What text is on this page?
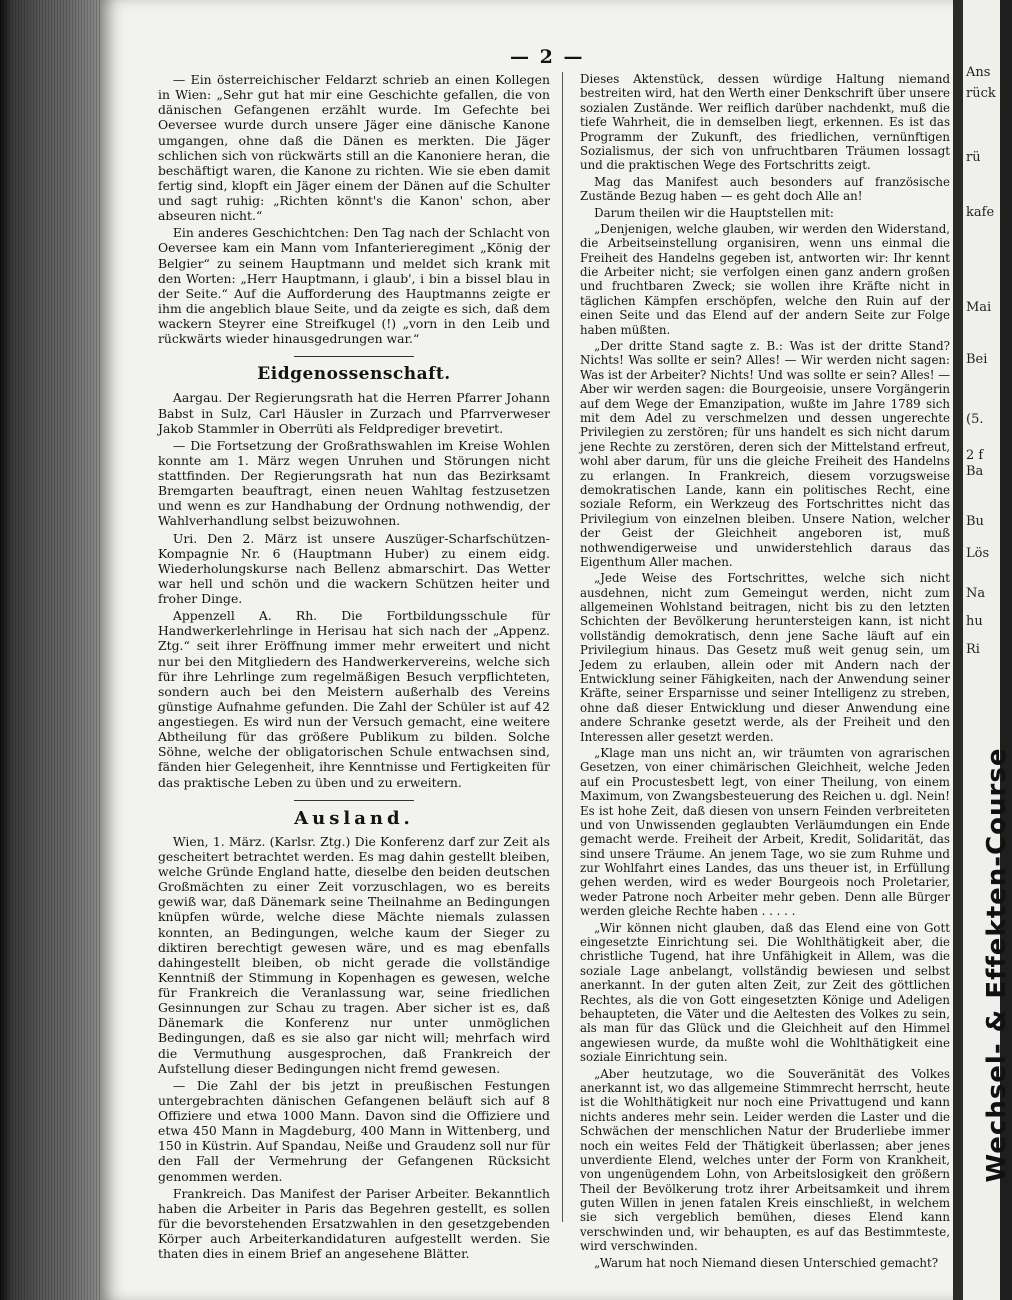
Ans
rück
rü
kafe
Mai
Bei
(5.
2 f
Ba
Bu
Lös
Na
hu
Ri
Wechsel- & Effekten-Course
— 2 —

— Ein österreichischer Feldarzt schrieb an einen Kollegen in Wien: „Sehr gut hat mir eine Geschichte gefallen, die von dänischen Gefangenen erzählt wurde. Im Gefechte bei Oeversee wurde durch unsere Jäger eine dänische Kanone umgangen, ohne daß die Dänen es merkten. Die Jäger schlichen sich von rückwärts still an die Kanoniere heran, die beschäftigt waren, die Kanone zu richten. Wie sie eben damit fertig sind, klopft ein Jäger einem der Dänen auf die Schulter und sagt ruhig: „Richten könnt's die Kanon' schon, aber abseuren nicht.“

Ein anderes Geschichtchen: Den Tag nach der Schlacht von Oeversee kam ein Mann vom Infanterieregiment „König der Belgier“ zu seinem Hauptmann und meldet sich krank mit den Worten: „Herr Hauptmann, i glaub', i bin a bissel blau in der Seite.“ Auf die Aufforderung des Hauptmanns zeigte er ihm die angeblich blaue Seite, und da zeigte es sich, daß dem wackern Steyrer eine Streifkugel (!) „vorn in den Leib und rückwärts wieder hinausgedrungen war.“

Eidgenossenschaft.

Aargau. Der Regierungsrath hat die Herren Pfarrer Johann Babst in Sulz, Carl Häusler in Zurzach und Pfarrverweser Jakob Stammler in Oberrüti als Feldprediger brevetirt.

— Die Fortsetzung der Großrathswahlen im Kreise Wohlen konnte am 1. März wegen Unruhen und Störungen nicht stattfinden. Der Regierungsrath hat nun das Bezirksamt Bremgarten beauftragt, einen neuen Wahltag festzusetzen und wenn es zur Handhabung der Ordnung nothwendig, der Wahlverhandlung selbst beizuwohnen.

Uri. Den 2. März ist unsere Auszüger-Scharfschützen-Kompagnie Nr. 6 (Hauptmann Huber) zu einem eidg. Wiederholungskurse nach Bellenz abmarschirt. Das Wetter war hell und schön und die wackern Schützen heiter und froher Dinge.

Appenzell A. Rh. Die Fortbildungsschule für Handwerkerlehrlinge in Herisau hat sich nach der „Appenz. Ztg.“ seit ihrer Eröffnung immer mehr erweitert und nicht nur bei den Mitgliedern des Handwerkervereins, welche sich für ihre Lehrlinge zum regelmäßigen Besuch verpflichteten, sondern auch bei den Meistern außerhalb des Vereins günstige Aufnahme gefunden. Die Zahl der Schüler ist auf 42 angestiegen. Es wird nun der Versuch gemacht, eine weitere Abtheilung für das größere Publikum zu bilden. Solche Söhne, welche der obligatorischen Schule entwachsen sind, fänden hier Gelegenheit, ihre Kenntnisse und Fertigkeiten für das praktische Leben zu üben und zu erweitern.

Ausland.

Wien, 1. März. (Karlsr. Ztg.) Die Konferenz darf zur Zeit als gescheitert betrachtet werden. Es mag dahin gestellt bleiben, welche Gründe England hatte, dieselbe den beiden deutschen Großmächten zu einer Zeit vorzuschlagen, wo es bereits gewiß war, daß Dänemark seine Theilnahme an Bedingungen knüpfen würde, welche diese Mächte niemals zulassen konnten, an Bedingungen, welche kaum der Sieger zu diktiren berechtigt gewesen wäre, und es mag ebenfalls dahingestellt bleiben, ob nicht gerade die vollständige Kenntniß der Stimmung in Kopenhagen es gewesen, welche für Frankreich die Veranlassung war, seine friedlichen Gesinnungen zur Schau zu tragen. Aber sicher ist es, daß Dänemark die Konferenz nur unter unmöglichen Bedingungen, daß es sie also gar nicht will; mehrfach wird die Vermuthung ausgesprochen, daß Frankreich der Aufstellung dieser Bedingungen nicht fremd gewesen.

— Die Zahl der bis jetzt in preußischen Festungen untergebrachten dänischen Gefangenen beläuft sich auf 8 Offiziere und etwa 1000 Mann. Davon sind die Offiziere und etwa 450 Mann in Magdeburg, 400 Mann in Wittenberg, und 150 in Küstrin. Auf Spandau, Neiße und Graudenz soll nur für den Fall der Vermehrung der Gefangenen Rücksicht genommen werden.

Frankreich. Das Manifest der Pariser Arbeiter. Bekanntlich haben die Arbeiter in Paris das Begehren gestellt, es sollen für die bevorstehenden Ersatzwahlen in den gesetzgebenden Körper auch Arbeiterkandidaturen aufgestellt werden. Sie thaten dies in einem Brief an angesehene Blätter.

Dieses Aktenstück, dessen würdige Haltung niemand bestreiten wird, hat den Werth einer Denkschrift über unsere sozialen Zustände. Wer reiflich darüber nachdenkt, muß die tiefe Wahrheit, die in demselben liegt, erkennen. Es ist das Programm der Zukunft, des friedlichen, vernünftigen Sozialismus, der sich von unfruchtbaren Träumen lossagt und die praktischen Wege des Fortschritts zeigt.

Mag das Manifest auch besonders auf französische Zustände Bezug haben — es geht doch Alle an!

Darum theilen wir die Hauptstellen mit:

„Denjenigen, welche glauben, wir werden den Widerstand, die Arbeitseinstellung organisiren, wenn uns einmal die Freiheit des Handelns gegeben ist, antworten wir: Ihr kennt die Arbeiter nicht; sie verfolgen einen ganz andern großen und fruchtbaren Zweck; sie wollen ihre Kräfte nicht in täglichen Kämpfen erschöpfen, welche den Ruin auf der einen Seite und das Elend auf der andern Seite zur Folge haben müßten.

„Der dritte Stand sagte z. B.: Was ist der dritte Stand? Nichts! Was sollte er sein? Alles! — Wir werden nicht sagen: Was ist der Arbeiter? Nichts! Und was sollte er sein? Alles! — Aber wir werden sagen: die Bourgeoisie, unsere Vorgängerin auf dem Wege der Emanzipation, wußte im Jahre 1789 sich mit dem Adel zu verschmelzen und dessen ungerechte Privilegien zu zerstören; für uns handelt es sich nicht darum jene Rechte zu zerstören, deren sich der Mittelstand erfreut, wohl aber darum, für uns die gleiche Freiheit des Handelns zu erlangen. In Frankreich, diesem vorzugsweise demokratischen Lande, kann ein politisches Recht, eine soziale Reform, ein Werkzeug des Fortschrittes nicht das Privilegium von einzelnen bleiben. Unsere Nation, welcher der Geist der Gleichheit angeboren ist, muß nothwendigerweise und unwiderstehlich daraus das Eigenthum Aller machen.

„Jede Weise des Fortschrittes, welche sich nicht ausdehnen, nicht zum Gemeingut werden, nicht zum allgemeinen Wohlstand beitragen, nicht bis zu den letzten Schichten der Bevölkerung heruntersteigen kann, ist nicht vollständig demokratisch, denn jene Sache läuft auf ein Privilegium hinaus. Das Gesetz muß weit genug sein, um Jedem zu erlauben, allein oder mit Andern nach der Entwicklung seiner Fähigkeiten, nach der Anwendung seiner Kräfte, seiner Ersparnisse und seiner Intelligenz zu streben, ohne daß dieser Entwicklung und dieser Anwendung eine andere Schranke gesetzt werde, als der Freiheit und den Interessen aller gesetzt werden.

„Klage man uns nicht an, wir träumten von agrarischen Gesetzen, von einer chimärischen Gleichheit, welche Jeden auf ein Procustesbett legt, von einer Theilung, von einem Maximum, von Zwangsbesteuerung des Reichen u. dgl. Nein! Es ist hohe Zeit, daß diesen von unsern Feinden verbreiteten und von Unwissenden geglaubten Verläumdungen ein Ende gemacht werde. Freiheit der Arbeit, Kredit, Solidarität, das sind unsere Träume. An jenem Tage, wo sie zum Ruhme und zur Wohlfahrt eines Landes, das uns theuer ist, in Erfüllung gehen werden, wird es weder Bourgeois noch Proletarier, weder Patrone noch Arbeiter mehr geben. Denn alle Bürger werden gleiche Rechte haben . . . . .

„Wir können nicht glauben, daß das Elend eine von Gott eingesetzte Einrichtung sei. Die Wohlthätigkeit aber, die christliche Tugend, hat ihre Unfähigkeit in Allem, was die soziale Lage anbelangt, vollständig bewiesen und selbst anerkannt. In der guten alten Zeit, zur Zeit des göttlichen Rechtes, als die von Gott eingesetzten Könige und Adeligen behaupteten, die Väter und die Aeltesten des Volkes zu sein, als man für das Glück und die Gleichheit auf den Himmel angewiesen wurde, da mußte wohl die Wohlthätigkeit eine soziale Einrichtung sein.

„Aber heutzutage, wo die Souveränität des Volkes anerkannt ist, wo das allgemeine Stimmrecht herrscht, heute ist die Wohlthätigkeit nur noch eine Privattugend und kann nichts anderes mehr sein. Leider werden die Laster und die Schwächen der menschlichen Natur der Bruderliebe immer noch ein weites Feld der Thätigkeit überlassen; aber jenes unverdiente Elend, welches unter der Form von Krankheit, von ungenügendem Lohn, von Arbeitslosigkeit den größern Theil der Bevölkerung trotz ihrer Arbeitsamkeit und ihrem guten Willen in jenen fatalen Kreis einschließt, in welchem sie sich vergeblich bemühen, dieses Elend kann verschwinden und, wir behaupten, es auf das Bestimmteste, wird verschwinden.

„Warum hat noch Niemand diesen Unterschied gemacht?
